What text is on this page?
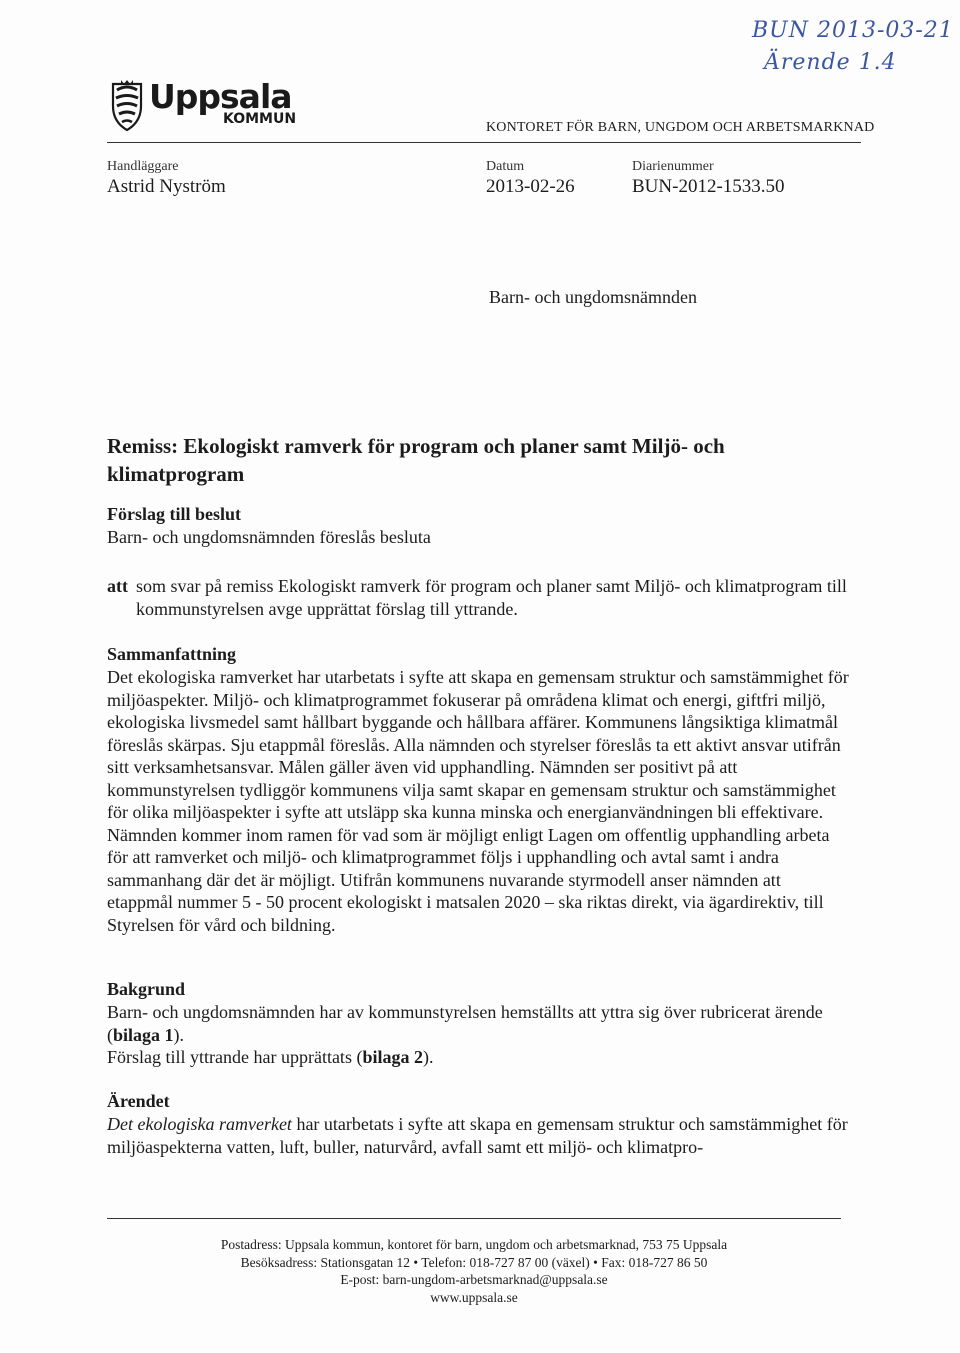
BUN 2013-03-21
Ärende 1.4
Uppsala
KOMMUN
KONTORET FÖR BARN, UNGDOM OCH ARBETSMARKNAD
Handläggare
Astrid Nyström
Datum
2013-02-26
Diarienummer
BUN-2012-1533.50
Barn- och ungdomsnämnden
Remiss: Ekologiskt ramverk för program och planer samt Miljö- och klimatprogram
Förslag till beslut
Barn- och ungdomsnämnden föreslås besluta
att som svar på remiss Ekologiskt ramverk för program och planer samt Miljö- och klimatprogram till kommunstyrelsen avge upprättat förslag till yttrande.
Sammanfattning
Det ekologiska ramverket har utarbetats i syfte att skapa en gemensam struktur och samstämmighet för miljöaspekter. Miljö- och klimatprogrammet fokuserar på områdena klimat och energi, giftfri miljö, ekologiska livsmedel samt hållbart byggande och hållbara affärer. Kommunens långsiktiga klimatmål föreslås skärpas. Sju etappmål föreslås. Alla nämnden och styrelser föreslås ta ett aktivt ansvar utifrån sitt verksamhetsansvar. Målen gäller även vid upphandling. Nämnden ser positivt på att kommunstyrelsen tydliggör kommunens vilja samt skapar en gemensam struktur och samstämmighet för olika miljöaspekter i syfte att utsläpp ska kunna minska och energianvändningen bli effektivare. Nämnden kommer inom ramen för vad som är möjligt enligt Lagen om offentlig upphandling arbeta för att ramverket och miljö- och klimatprogrammet följs i upphandling och avtal samt i andra sammanhang där det är möjligt. Utifrån kommunens nuvarande styrmodell anser nämnden att etappmål nummer 5 - 50 procent ekologiskt i matsalen 2020 – ska riktas direkt, via ägardirektiv, till Styrelsen för vård och bildning.
Bakgrund
Barn- och ungdomsnämnden har av kommunstyrelsen hemställts att yttra sig över rubricerat ärende (bilaga 1).
Förslag till yttrande har upprättats (bilaga 2).
Ärendet
Det ekologiska ramverket har utarbetats i syfte att skapa en gemensam struktur och samstämmighet för miljöaspekterna vatten, luft, buller, naturvård, avfall samt ett miljö- och klimatpro-
Postadress: Uppsala kommun, kontoret för barn, ungdom och arbetsmarknad, 753 75 Uppsala
Besöksadress: Stationsgatan 12 • Telefon: 018-727 87 00 (växel) • Fax: 018-727 86 50
E-post: barn-ungdom-arbetsmarknad@uppsala.se
www.uppsala.se
